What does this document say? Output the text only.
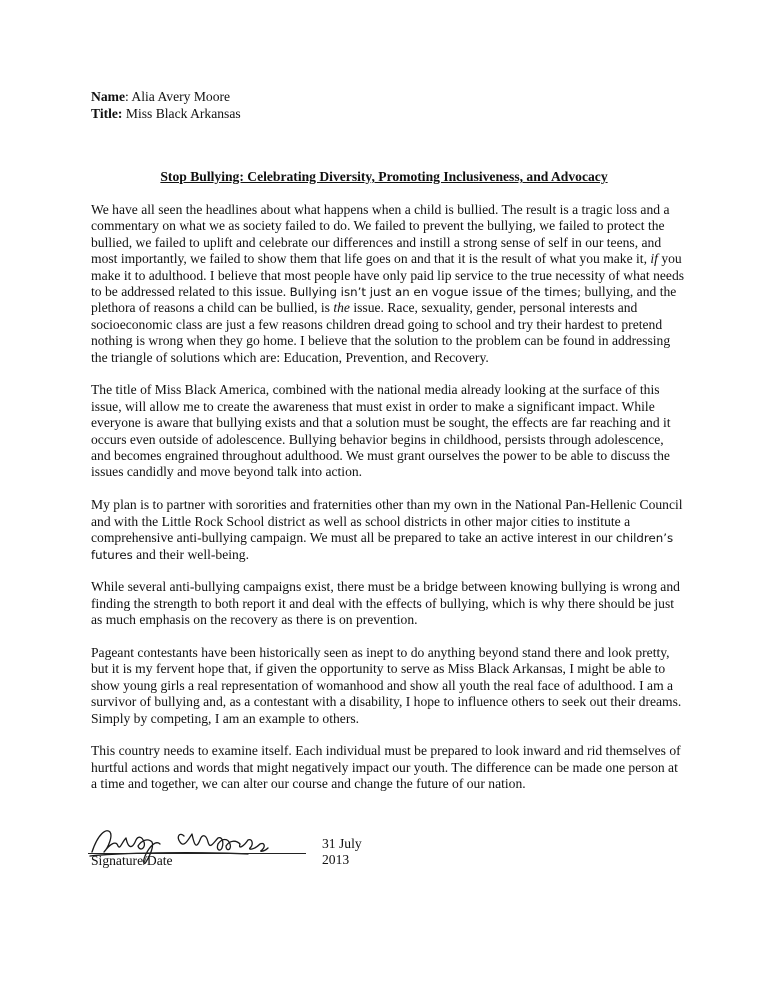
Name: Alia Avery Moore
Title: Miss Black Arkansas
Stop Bullying: Celebrating Diversity, Promoting Inclusiveness, and Advocacy

We have all seen the headlines about what happens when a child is bullied. The result is a tragic loss and a commentary on what we as society failed to do. We failed to prevent the bullying, we failed to protect the bullied, we failed to uplift and celebrate our differences and instill a strong sense of self in our teens, and most importantly, we failed to show them that life goes on and that it is the result of what you make it, if you make it to adulthood. I believe that most people have only paid lip service to the true necessity of what needs to be addressed related to this issue. Bullying isn’t just an en vogue issue of the times; bullying, and the plethora of reasons a child can be bullied, is the issue. Race, sexuality, gender, personal interests and socioeconomic class are just a few reasons children dread going to school and try their hardest to pretend nothing is wrong when they go home. I believe that the solution to the problem can be found in addressing the triangle of solutions which are: Education, Prevention, and Recovery.

The title of Miss Black America, combined with the national media already looking at the surface of this issue, will allow me to create the awareness that must exist in order to make a significant impact. While everyone is aware that bullying exists and that a solution must be sought, the effects are far reaching and it occurs even outside of adolescence. Bullying behavior begins in childhood, persists through adolescence, and becomes engrained throughout adulthood. We must grant ourselves the power to be able to discuss the issues candidly and move beyond talk into action.

My plan is to partner with sororities and fraternities other than my own in the National Pan-Hellenic Council and with the Little Rock School district as well as school districts in other major cities to institute a comprehensive anti-bullying campaign. We must all be prepared to take an active interest in our children’s futures and their well-being.

While several anti-bullying campaigns exist, there must be a bridge between knowing bullying is wrong and finding the strength to both report it and deal with the effects of bullying, which is why there should be just as much emphasis on the recovery as there is on prevention.

Pageant contestants have been historically seen as inept to do anything beyond stand there and look pretty, but it is my fervent hope that, if given the opportunity to serve as Miss Black Arkansas, I might be able to show young girls a real representation of womanhood and show all youth the real face of adulthood. I am a survivor of bullying and, as a contestant with a disability, I hope to influence others to seek out their dreams. Simply by competing, I am an example to others.

This country needs to examine itself. Each individual must be prepared to look inward and rid themselves of hurtful actions and words that might negatively impact our youth. The difference can be made one person at a time and together, we can alter our course and change the future of our nation.

31 July 2013
Signature/Date
